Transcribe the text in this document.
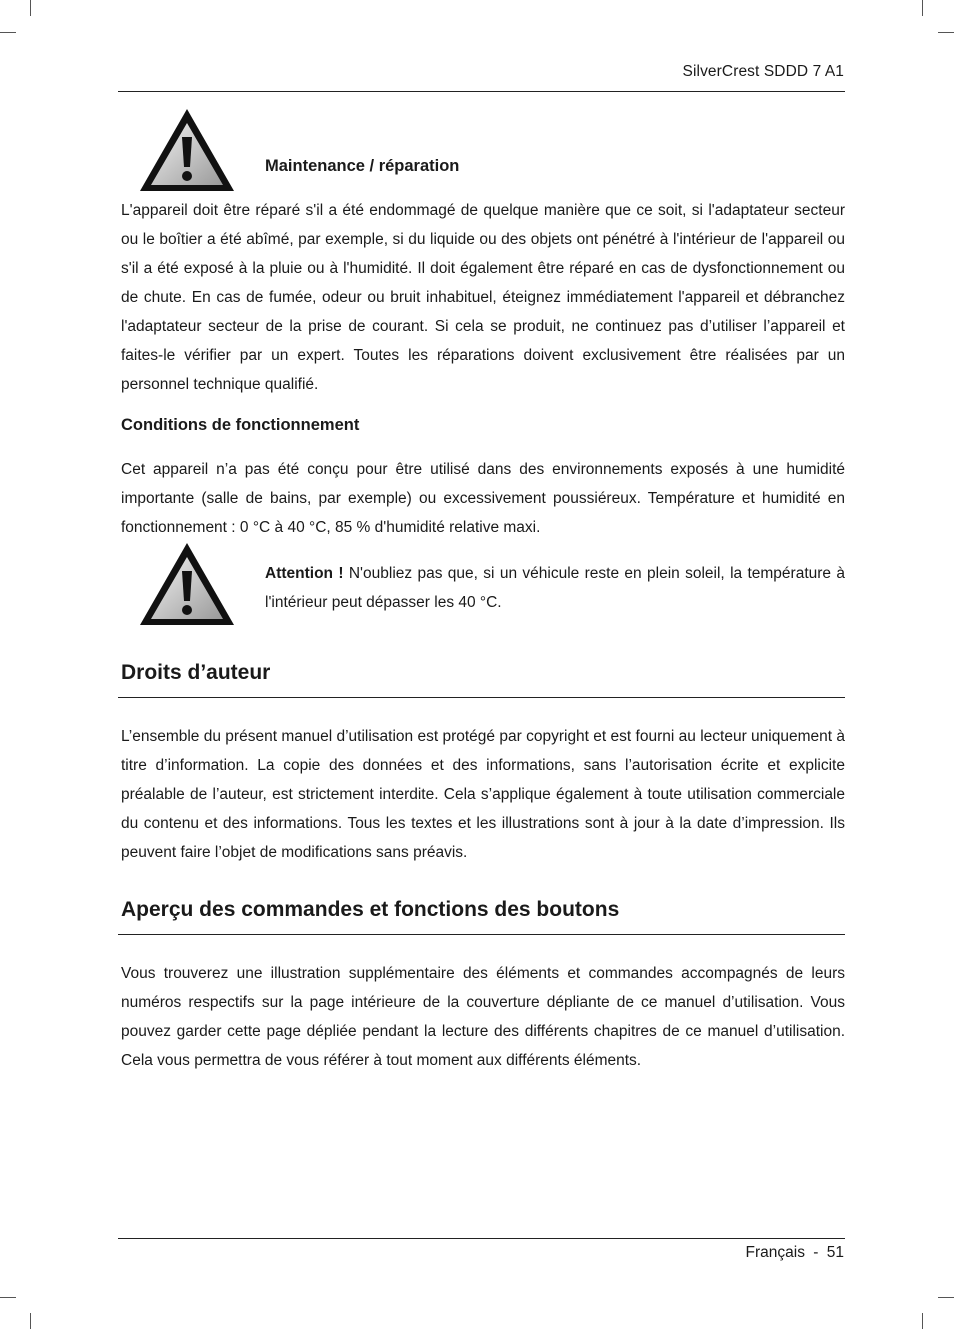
SilverCrest SDDD 7 A1
Maintenance / réparation
L'appareil doit être réparé s'il a été endommagé de quelque manière que ce soit, si l'adaptateur secteur ou le boîtier a été abîmé, par exemple, si du liquide ou des objets ont pénétré à l'intérieur de l'appareil ou s'il a été exposé à la pluie ou à l'humidité. Il doit également être réparé en cas de dysfonctionnement ou de chute. En cas de fumée, odeur ou bruit inhabituel, éteignez immédiatement l'appareil et débranchez l'adaptateur secteur de la prise de courant. Si cela se produit, ne continuez pas d’utiliser l’appareil et faites-le vérifier par un expert. Toutes les réparations doivent exclusivement être réalisées par un personnel technique qualifié.
Conditions de fonctionnement
Cet appareil n’a pas été conçu pour être utilisé dans des environnements exposés à une humidité importante (salle de bains, par exemple) ou excessivement poussiéreux. Température et humidité en fonctionnement : 0 °C à 40 °C, 85 % d'humidité relative maxi.
Attention ! N'oubliez pas que, si un véhicule reste en plein soleil, la température à l'intérieur peut dépasser les 40 °C.
Droits d’auteur
L’ensemble du présent manuel d’utilisation est protégé par copyright et est fourni au lecteur uniquement à titre d’information. La copie des données et des informations, sans l’autorisation écrite et explicite préalable de l’auteur, est strictement interdite. Cela s’applique également à toute utilisation commerciale du contenu et des informations. Tous les textes et les illustrations sont à jour à la date d’impression. Ils peuvent faire l’objet de modifications sans préavis.
Aperçu des commandes et fonctions des boutons
Vous trouverez une illustration supplémentaire des éléments et commandes accompagnés de leurs numéros respectifs sur la page intérieure de la couverture dépliante de ce manuel d’utilisation. Vous pouvez garder cette page dépliée pendant la lecture des différents chapitres de ce manuel d’utilisation. Cela vous permettra de vous référer à tout moment aux différents éléments.
Français - 51
